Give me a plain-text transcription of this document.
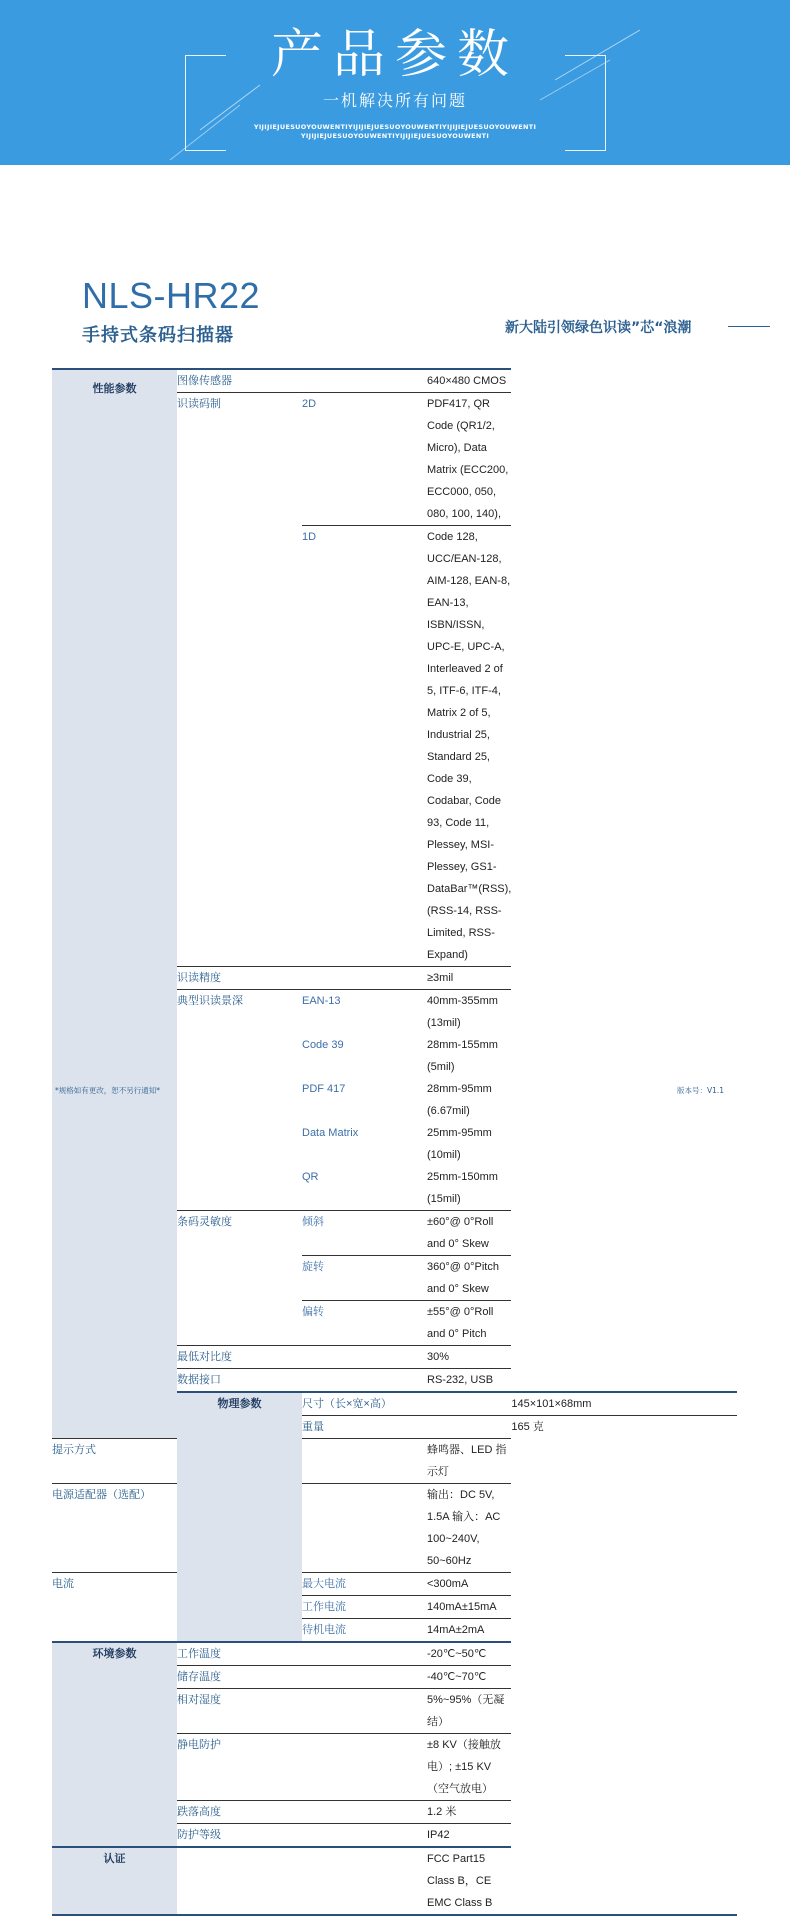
产品参数
一机解决所有问题
YIJIJIEJUESUOYOUWENTIYIJIJIEJUESUOYOUWENTIYIJIJIEJUESUOYOUWENTI
YIJIJIEJUESUOYOUWENTIYIJIJIEJUESUOYOUWENTI
NLS-HR22
手持式条码扫描器	新大陆引领绿色识读”芯“浪潮
性能参数	图像传感器		640×480 CMOS	
	识读码制	2D	PDF417, QR Code (QR1/2, Micro), Data Matrix (ECC200, ECC000, 050, 080, 100, 140),	
		1D	Code 128, UCC/EAN-128, AIM-128, EAN-8, EAN-13, ISBN/ISSN, UPC-E, UPC-A, Interleaved 2 of 5, ITF-6, ITF-4, Matrix 2 of 5, Industrial 25, Standard 25, Code 39, Codabar, Code 93, Code 11, Plessey, MSI-Plessey, GS1-DataBar™(RSS), (RSS-14, RSS-Limited, RSS-Expand)	
	识读精度		≥3mil	
	典型识读景深	EAN-13	40mm-355mm (13mil)	
		Code 39	28mm-155mm (5mil)	
		PDF 417	28mm-95mm (6.67mil)	
		Data Matrix	25mm-95mm (10mil)	
		QR	25mm-150mm (15mil)	
	条码灵敏度	倾斜	±60°@ 0°Roll and 0° Skew	
		旋转	360°@ 0°Pitch and 0° Skew	
		偏转	±55°@ 0°Roll and 0° Pitch	
	最低对比度		30%	
	数据接口		RS-232, USB	
	物理参数	尺寸（长×宽×高）		145×101×68mm
		重量		165 克
提示方式			蜂鸣器、LED 指示灯	
电源适配器（选配）			输出：DC 5V, 1.5A 输入：AC 100~240V, 50~60Hz	
电流		最大电流	<300mA	
		工作电流	140mA±15mA	
		待机电流	14mA±2mA	
环境参数	工作温度		-20℃~50℃	
	储存温度		-40℃~70℃	
	相对湿度		5%~95%（无凝结）	
	静电防护		±8 KV（接触放电）; ±15 KV（空气放电）	
	跌落高度		1.2 米	
	防护等级		IP42	
认证			FCC Part15 Class B，CE EMC Class B	
*规格如有更改，恕不另行通知*	版本号：V1.1
